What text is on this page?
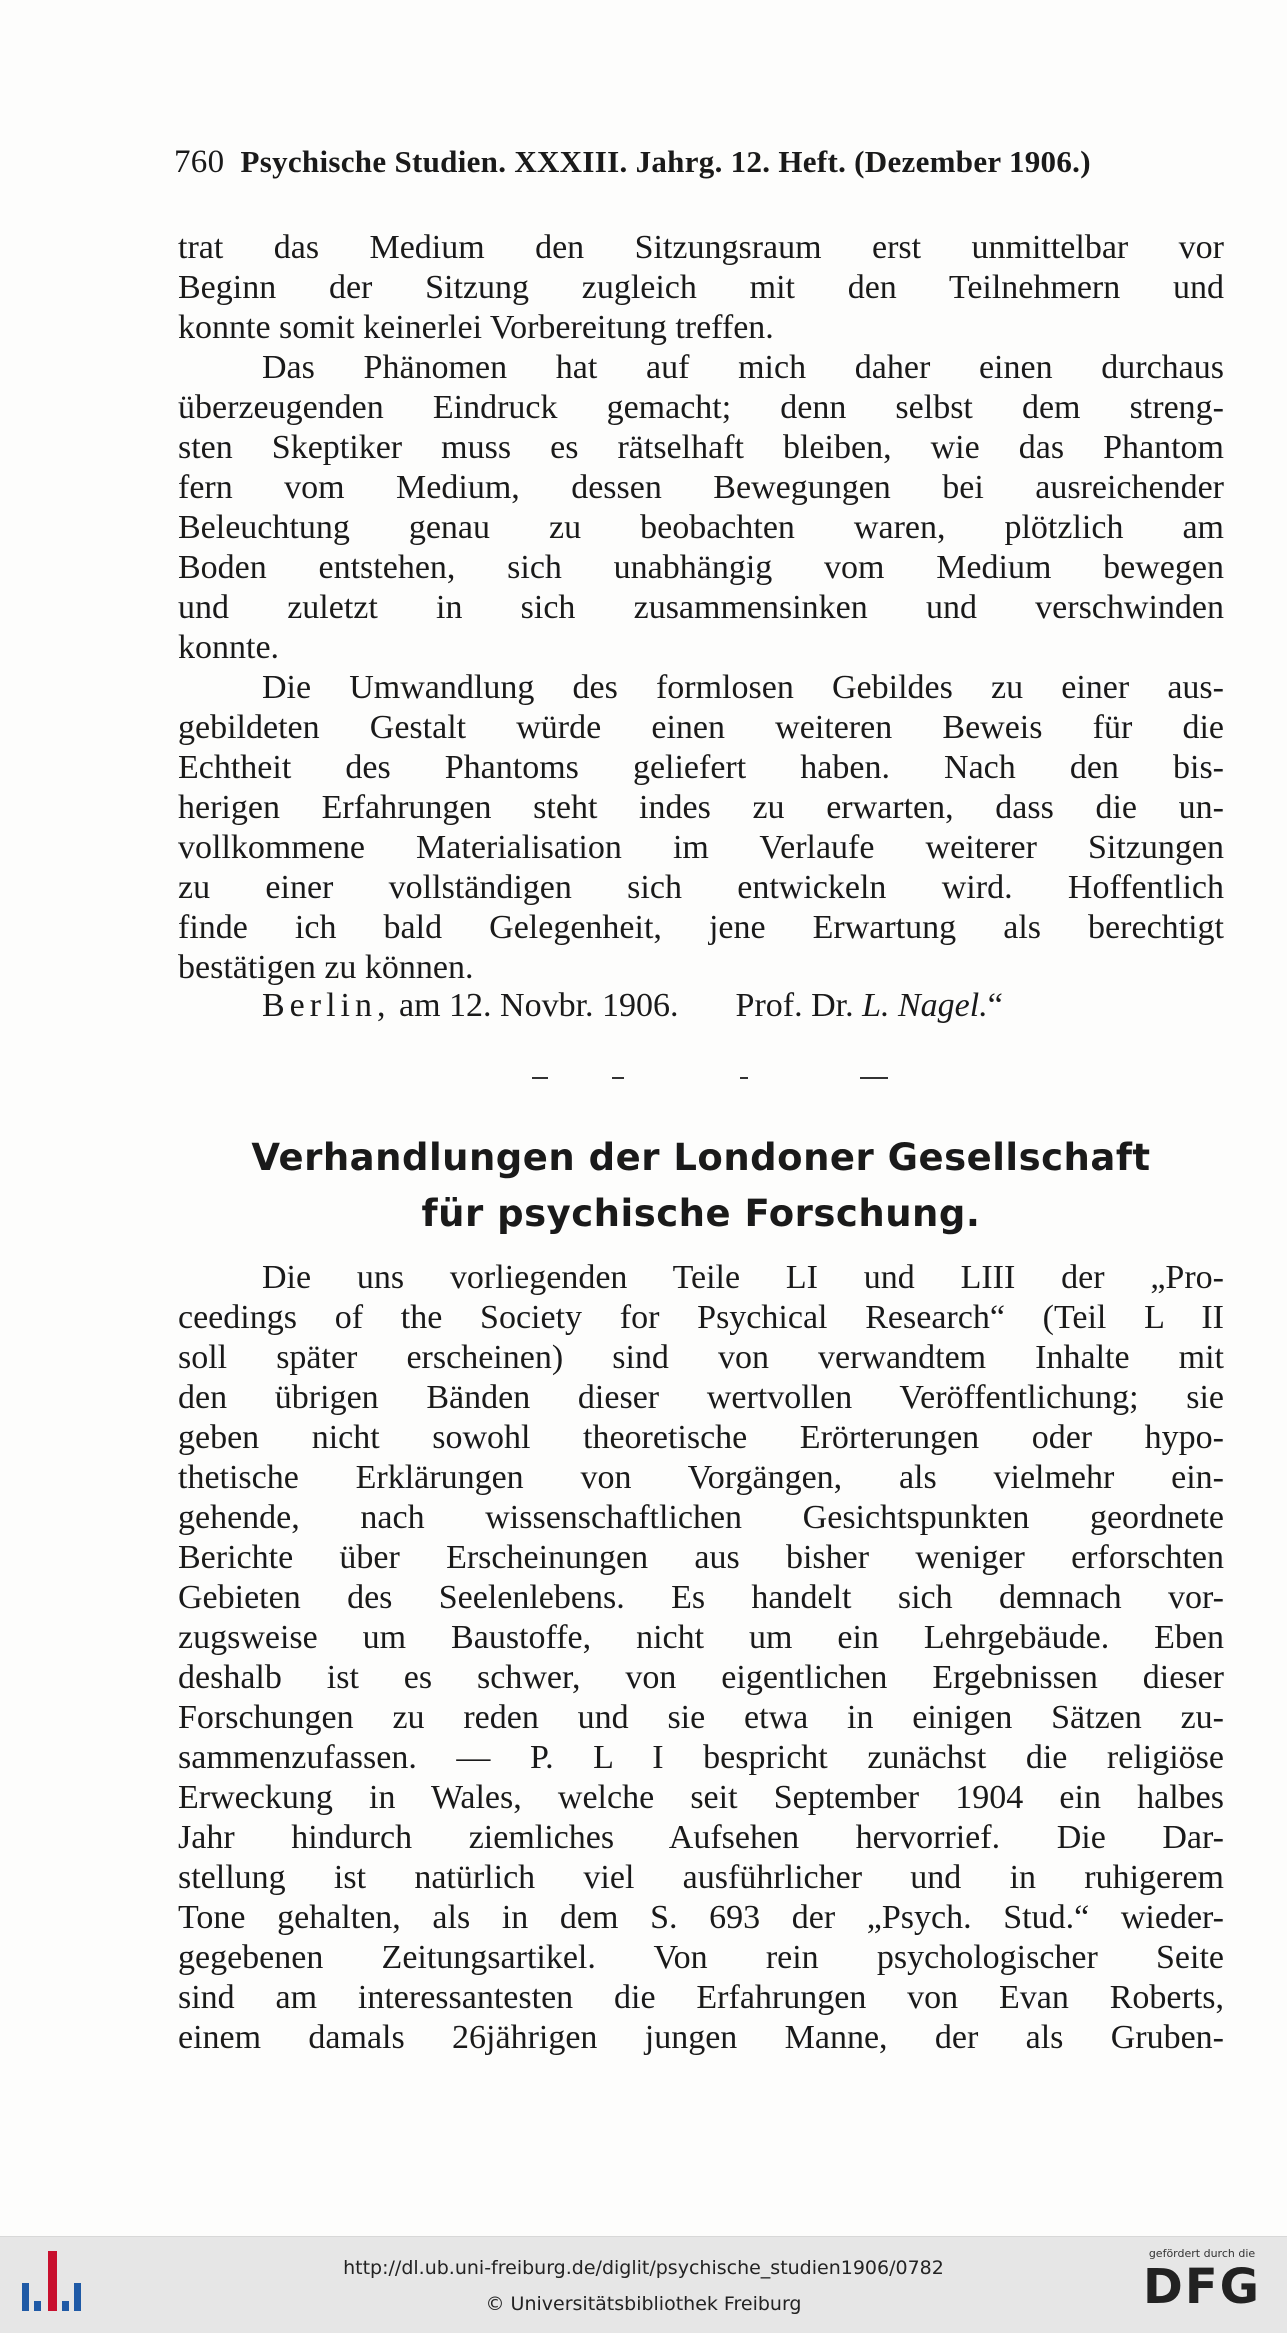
760 Psychische Studien. XXXIII. Jahrg. 12. Heft. (Dezember 1906.)
trat das Medium den Sitzungsraum erst unmittelbar vor
Beginn der Sitzung zugleich mit den Teilnehmern und
konnte somit keinerlei Vorbereitung treffen.
Das Phänomen hat auf mich daher einen durchaus
überzeugenden Eindruck gemacht; denn selbst dem streng-
sten Skeptiker muss es rätselhaft bleiben, wie das Phantom
fern vom Medium, dessen Bewegungen bei ausreichender
Beleuchtung genau zu beobachten waren, plötzlich am
Boden entstehen, sich unabhängig vom Medium bewegen
und zuletzt in sich zusammensinken und verschwinden
konnte.
Die Umwandlung des formlosen Gebildes zu einer aus-
gebildeten Gestalt würde einen weiteren Beweis für die
Echtheit des Phantoms geliefert haben. Nach den bis-
herigen Erfahrungen steht indes zu erwarten, dass die un-
vollkommene Materialisation im Verlaufe weiterer Sitzungen
zu einer vollständigen sich entwickeln wird. Hoffentlich
finde ich bald Gelegenheit, jene Erwartung als berechtigt
bestätigen zu können.
Berlin, am 12. Novbr. 1906. Prof. Dr. L. Nagel.“
Verhandlungen der Londoner Gesellschaft
für psychische Forschung.
Die uns vorliegenden Teile LI und LIII der „Pro-
ceedings of the Society for Psychical Research“ (Teil L II
soll später erscheinen) sind von verwandtem Inhalte mit
den übrigen Bänden dieser wertvollen Veröffentlichung; sie
geben nicht sowohl theoretische Erörterungen oder hypo-
thetische Erklärungen von Vorgängen, als vielmehr ein-
gehende, nach wissenschaftlichen Gesichtspunkten geordnete
Berichte über Erscheinungen aus bisher weniger erforschten
Gebieten des Seelenlebens. Es handelt sich demnach vor-
zugsweise um Baustoffe, nicht um ein Lehrgebäude. Eben
deshalb ist es schwer, von eigentlichen Ergebnissen dieser
Forschungen zu reden und sie etwa in einigen Sätzen zu-
sammenzufassen. — P. L I bespricht zunächst die religiöse
Erweckung in Wales, welche seit September 1904 ein halbes
Jahr hindurch ziemliches Aufsehen hervorrief. Die Dar-
stellung ist natürlich viel ausführlicher und in ruhigerem
Tone gehalten, als in dem S. 693 der „Psych. Stud.“ wieder-
gegebenen Zeitungsartikel. Von rein psychologischer Seite
sind am interessantesten die Erfahrungen von Evan Roberts,
einem damals 26jährigen jungen Manne, der als Gruben-
http://dl.ub.uni-freiburg.de/diglit/psychische_studien1906/0782
© Universitätsbibliothek Freiburg
gefördert durch die
DFG
